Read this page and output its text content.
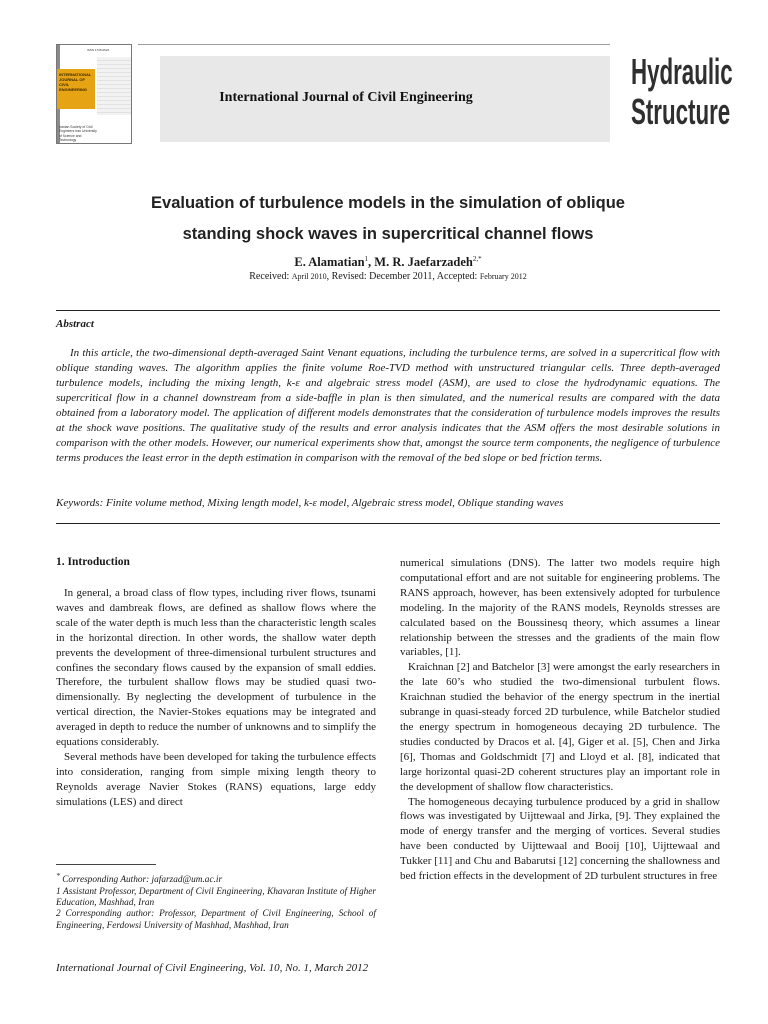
ISSN 1735-0522
INTERNATIONAL JOURNAL OF CIVIL ENGINEERING
Iranian Society of Civil Engineers Iran University of Science and Technology
International Journal of Civil Engineering
Hydraulic
Structure
Evaluation of turbulence models in the simulation of oblique
standing shock waves in supercritical channel flows
E. Alamatian$^1$, M. R. Jaefarzadeh$^{2,*}$
Received: April 2010, Revised: December 2011, Accepted: February 2012
Abstract

In this article, the two-dimensional depth-averaged Saint Venant equations, including the turbulence terms, are solved in a supercritical flow with oblique standing waves. The algorithm applies the finite volume Roe-TVD method with unstructured triangular cells. Three depth-averaged turbulence models, including the mixing length, k-ε and algebraic stress model (ASM), are used to close the hydrodynamic equations. The supercritical flow in a channel downstream from a side-baffle in plan is then simulated, and the numerical results are compared with the data obtained from a laboratory model. The application of different models demonstrates that the consideration of turbulence models improves the results at the shock wave positions. The qualitative study of the results and error analysis indicates that the ASM offers the most desirable solutions in comparison with the other models. However, our numerical experiments show that, amongst the source term components, the negligence of turbulence terms produces the least error in the depth estimation in comparison with the removal of the bed slope or bed friction terms.

Keywords: Finite volume method, Mixing length model, k-ε model, Algebraic stress model, Oblique standing waves
1. Introduction

In general, a broad class of flow types, including river flows, tsunami waves and dambreak flows, are defined as shallow flows where the scale of the water depth is much less than the characteristic length scales in the horizontal direction. In other words, the shallow water depth prevents the development of three-dimensional turbulent structures and confines the secondary flows caused by the expansion of small eddies. Therefore, the turbulent shallow flows may be studied quasi two-dimensionally. By neglecting the development of turbulence in the vertical direction, the Navier-Stokes equations may be integrated and averaged in depth to reduce the number of unknowns and to simplify the equations considerably.

Several methods have been developed for taking the turbulence effects into consideration, ranging from simple mixing length theory to Reynolds average Navier Stokes (RANS) equations, large eddy simulations (LES) and direct

numerical simulations (DNS). The latter two models require high computational effort and are not suitable for engineering problems. The RANS approach, however, has been extensively adopted for turbulence modeling. In the majority of the RANS models, Reynolds stresses are calculated based on the Boussinesq theory, which assumes a linear relationship between the stresses and the gradients of the main flow variables, [1].

Kraichnan [2] and Batchelor [3] were amongst the early researchers in the late 60’s who studied the two-dimensional turbulent flows. Kraichnan studied the behavior of the energy spectrum in the inertial subrange in quasi-steady forced 2D turbulence, while Batchelor studied the energy spectrum in homogeneous decaying 2D turbulence. The studies conducted by Dracos et al. [4], Giger et al. [5], Chen and Jirka [6], Thomas and Goldschmidt [7] and Lloyd et al. [8], indicated that large horizontal quasi-2D coherent structures play an important role in the development of shallow flow characteristics.

The homogeneous decaying turbulence produced by a grid in shallow flows was investigated by Uijttewaal and Jirka, [9]. They explained the mode of energy transfer and the merging of vortices. Several studies have been conducted by Uijttewaal and Booij [10], Uijttewaal and Tukker [11] and Chu and Babarutsi [12] concerning the shallowness and bed friction effects in the development of 2D turbulent structures in free

* Corresponding Author: jafarzad@um.ac.ir
1 Assistant Professor, Department of Civil Engineering, Khavaran Institute of Higher Education, Mashhad, Iran
2 Corresponding author: Professor, Department of Civil Engineering, School of Engineering, Ferdowsi University of Mashhad, Mashhad, Iran
International Journal of Civil Engineering, Vol. 10, No. 1, March 2012
